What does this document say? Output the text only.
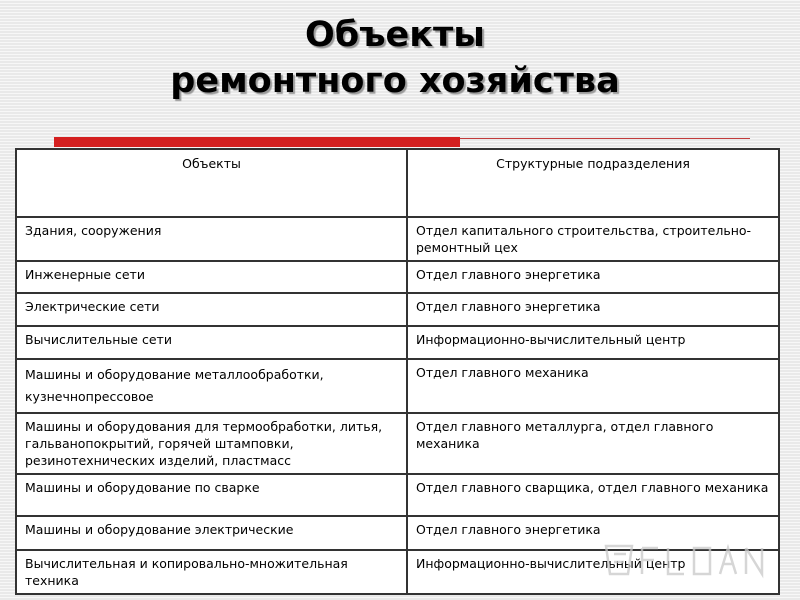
Объекты
ремонтного хозяйства
Объекты	Структурные подразделения
Здания, сооружения	Отдел капитального строительства, строительно-ремонтный цех
Инженерные сети	Отдел главного энергетика
Электрические сети	Отдел главного энергетика
Вычислительные сети	Информационно-вычислительный центр
Машины и оборудование металлообработки, кузнечнопрессовое	Отдел главного механика
Машины и оборудования для термообработки, литья, гальванопокрытий, горячей штамповки, резинотехнических изделий, пластмасс	Отдел главного металлурга, отдел главного механика
Машины и оборудование по сварке	Отдел главного сварщика, отдел главного механика
Машины и оборудование электрические	Отдел главного энергетика
Вычислительная и копировально-множительная техника	Информационно-вычислительный центр
